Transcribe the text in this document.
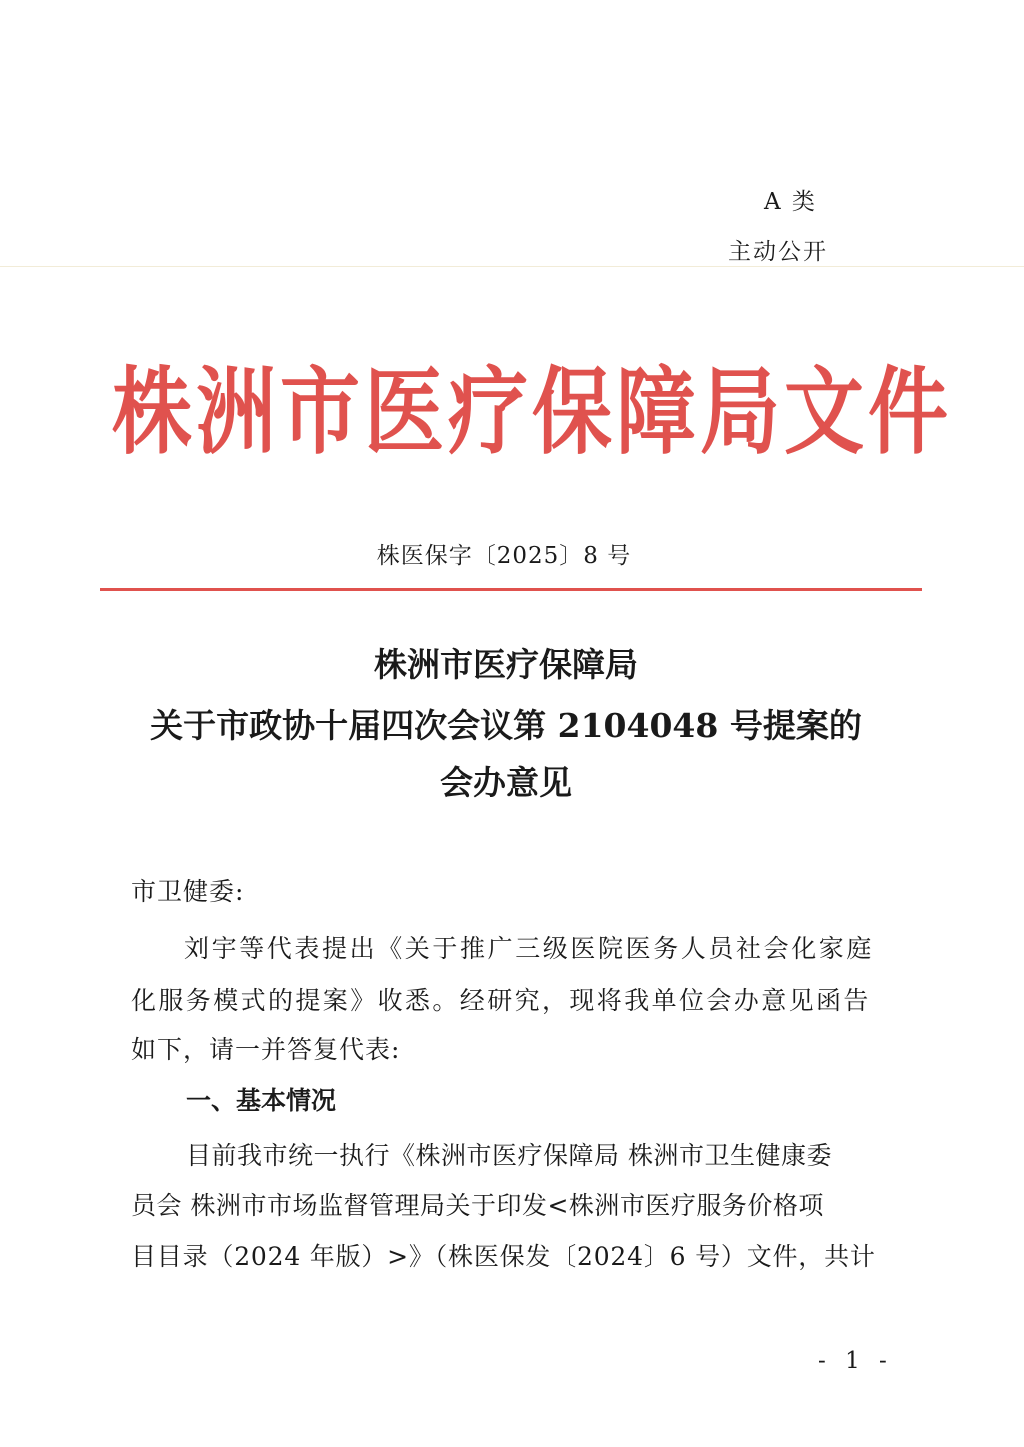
A 类
主动公开
株洲市医疗保障局文件
株医保字〔2025〕8 号
株洲市医疗保障局
关于市政协十届四次会议第 2104048 号提案的
会办意见
市卫健委:
刘宇等代表提出《关于推广三级医院医务人员社会化家庭
化服务模式的提案》收悉。经研究，现将我单位会办意见函告
如下，请一并答复代表:
一、基本情况
目前我市统一执行《株洲市医疗保障局 株洲市卫生健康委
员会 株洲市市场监督管理局关于印发<株洲市医疗服务价格项
目目录（2024 年版）>》（株医保发〔2024〕6 号）文件，共计
- 1 -
